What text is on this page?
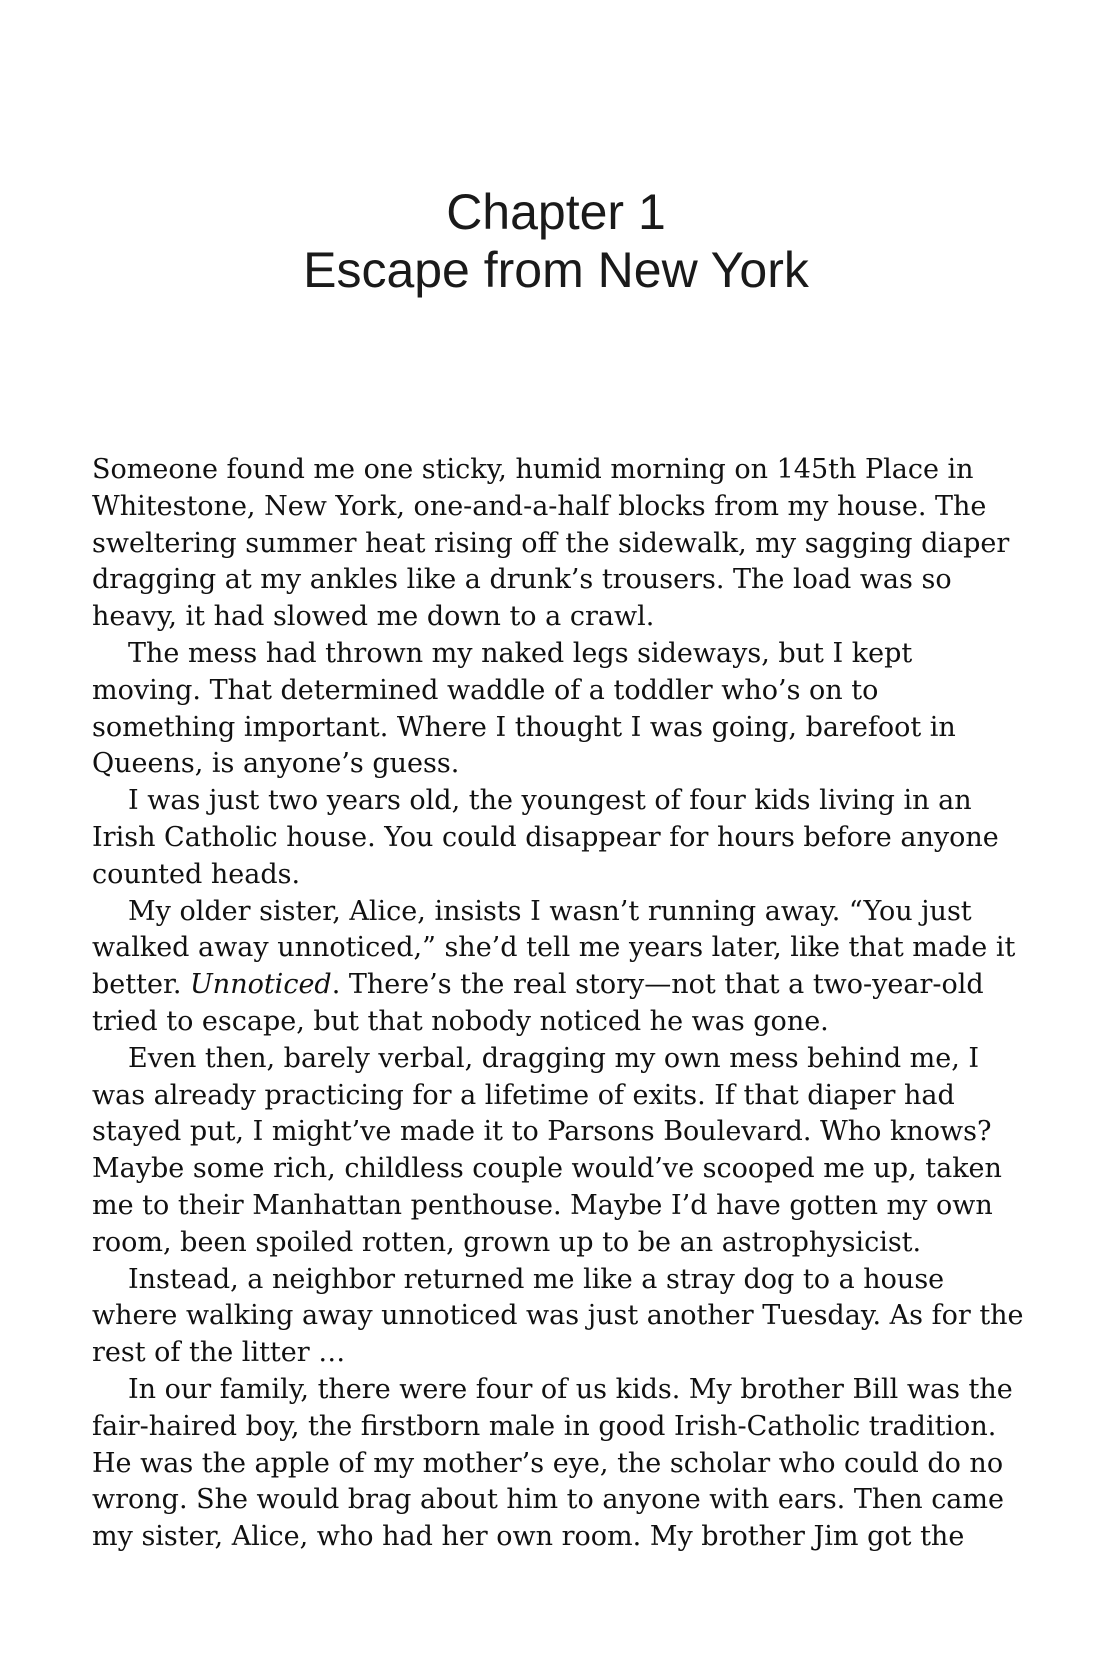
Chapter 1
Escape from New York

Someone found me one sticky, humid morning on 145th Place in Whitestone, New York, one-and-a-half blocks from my house. The sweltering summer heat rising off the sidewalk, my sagging diaper dragging at my ankles like a drunk’s trousers. The load was so heavy, it had slowed me down to a crawl.

The mess had thrown my naked legs sideways, but I kept moving. That determined waddle of a toddler who’s on to something important. Where I thought I was going, barefoot in Queens, is anyone’s guess.

I was just two years old, the youngest of four kids living in an Irish Catholic house. You could disappear for hours before anyone counted heads.

My older sister, Alice, insists I wasn’t running away. “You just walked away unnoticed,” she’d tell me years later, like that made it better. Unnoticed. There’s the real story—not that a two-year-old tried to escape, but that nobody noticed he was gone.

Even then, barely verbal, dragging my own mess behind me, I was already practicing for a lifetime of exits. If that diaper had stayed put, I might’ve made it to Parsons Boulevard. Who knows? Maybe some rich, childless couple would’ve scooped me up, taken me to their Manhattan penthouse. Maybe I’d have gotten my own room, been spoiled rotten, grown up to be an astrophysicist.

Instead, a neighbor returned me like a stray dog to a house where walking away unnoticed was just another Tuesday. As for the rest of the litter …

In our family, there were four of us kids. My brother Bill was the fair-haired boy, the firstborn male in good Irish-Catholic tradition. He was the apple of my mother’s eye, the scholar who could do no wrong. She would brag about him to anyone with ears. Then came my sister, Alice, who had her own room. My brother Jim got the
